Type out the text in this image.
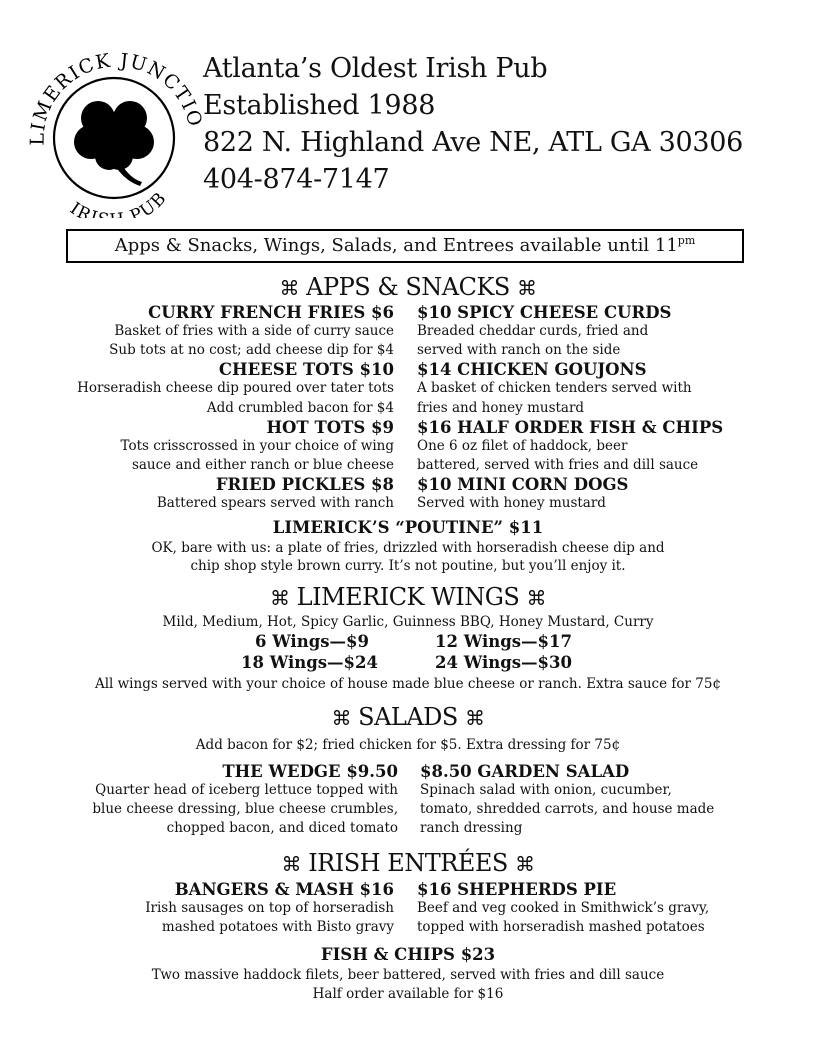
LIMERICK JUNCTI
IR PUB
Atlanta’s Oldest Irish Pub
Established 1988
822 N. Highland Ave NE, ATL GA 30306
404-874-7147
Apps & Snacks, Wings, Salads, and Entrees available until $11^{pm}$
⌘ APPS & SNACKS ⌘
CURRY FRENCH FRIES $6
Basket of fries with a side of curry sauce
Sub tots at no cost; add cheese dip for $4
CHEESE TOTS $10
Horseradish cheese dip poured over tater tots
Add crumbled bacon for $4
HOT TOTS $9
Tots crisscrossed in your choice of wing
sauce and either ranch or blue cheese
FRIED PICKLES $8
Battered spears served with ranch
$10 SPICY CHEESE CURDS
Breaded cheddar curds, fried and
served with ranch on the side
$14 CHICKEN GOUJONS
A basket of chicken tenders served with
fries and honey mustard
$16 HALF ORDER FISH & CHIPS
One 6 oz filet of haddock, beer
battered, served with fries and dill sauce
$10 MINI CORN DOGS
Served with honey mustard
LIMERICK’S “POUTINE” $11
OK, bare with us: a plate of fries, drizzled with horseradish cheese dip and
chip shop style brown curry. It’s not poutine, but you’ll enjoy it.
⌘ LIMERICK WINGS ⌘
Mild, Medium, Hot, Spicy Garlic, Guinness BBQ, Honey Mustard, Curry
6 Wings—$9	12 Wings—$17
18 Wings—$24	24 Wings—$30
All wings served with your choice of house made blue cheese or ranch. Extra sauce for 75¢
⌘ SALADS ⌘
Add bacon for $2; fried chicken for $5. Extra dressing for 75¢
THE WEDGE $9.50
Quarter head of iceberg lettuce topped with
blue cheese dressing, blue cheese crumbles,
chopped bacon, and diced tomato
$8.50 GARDEN SALAD
Spinach salad with onion, cucumber,
tomato, shredded carrots, and house made
ranch dressing
⌘ IRISH ENTRÉES ⌘
BANGERS & MASH $16
Irish sausages on top of horseradish
mashed potatoes with Bisto gravy
$16 SHEPHERDS PIE
Beef and veg cooked in Smithwick’s gravy,
topped with horseradish mashed potatoes
FISH & CHIPS $23
Two massive haddock filets, beer battered, served with fries and dill sauce
Half order available for $16
